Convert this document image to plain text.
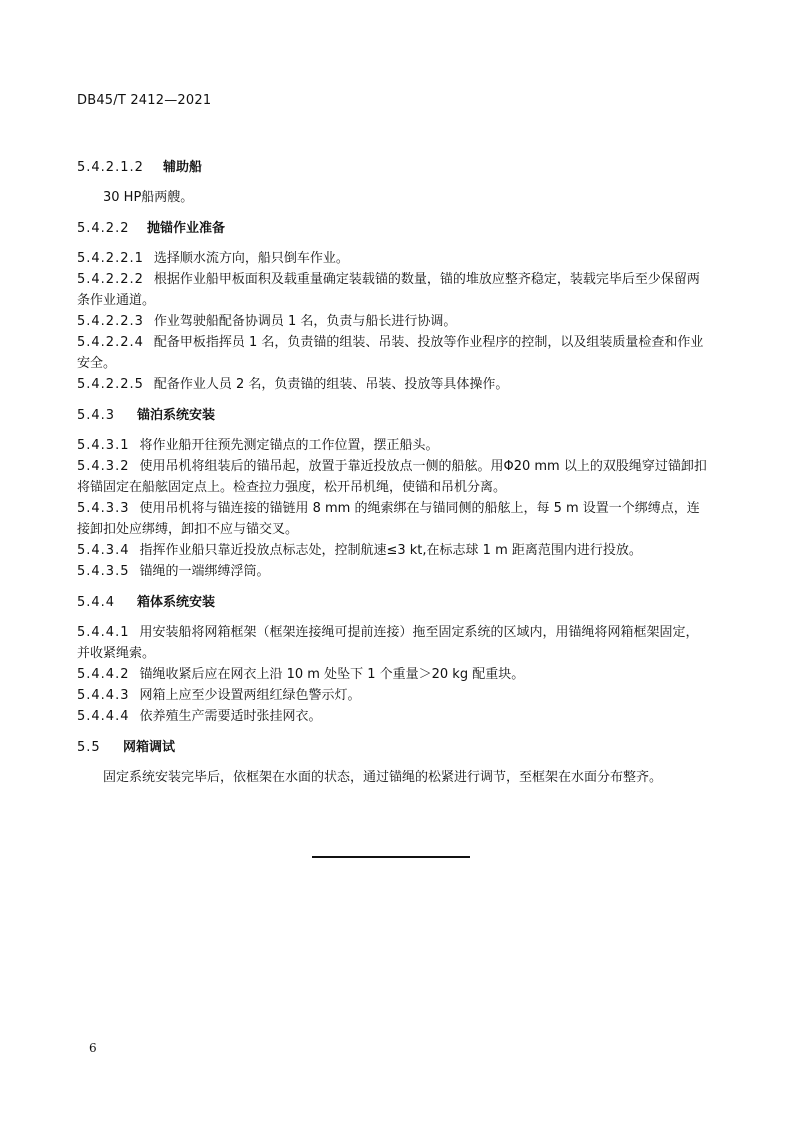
DB45/T 2412—2021
5.4.2.1.2 辅助船
30 HP船两艘。
5.4.2.2 抛锚作业准备
5.4.2.2.1 选择顺水流方向，船只倒车作业。
5.4.2.2.2 根据作业船甲板面积及载重量确定装载锚的数量，锚的堆放应整齐稳定，装载完毕后至少保留两条作业通道。
5.4.2.2.3 作业驾驶船配备协调员 1 名，负责与船长进行协调。
5.4.2.2.4 配备甲板指挥员 1 名，负责锚的组装、吊装、投放等作业程序的控制，以及组装质量检查和作业安全。
5.4.2.2.5 配备作业人员 2 名，负责锚的组装、吊装、投放等具体操作。
5.4.3 锚泊系统安装
5.4.3.1 将作业船开往预先测定锚点的工作位置，摆正船头。
5.4.3.2 使用吊机将组装后的锚吊起，放置于靠近投放点一侧的船舷。用Φ20 mm 以上的双股绳穿过锚卸扣将锚固定在船舷固定点上。检查拉力强度，松开吊机绳，使锚和吊机分离。
5.4.3.3 使用吊机将与锚连接的锚链用 8 mm 的绳索绑在与锚同侧的船舷上，每 5 m 设置一个绑缚点，连接卸扣处应绑缚，卸扣不应与锚交叉。
5.4.3.4 指挥作业船只靠近投放点标志处，控制航速≤3 kt,在标志球 1 m 距离范围内进行投放。
5.4.3.5 锚绳的一端绑缚浮筒。
5.4.4 箱体系统安装
5.4.4.1 用安装船将网箱框架（框架连接绳可提前连接）拖至固定系统的区域内，用锚绳将网箱框架固定，并收紧绳索。
5.4.4.2 锚绳收紧后应在网衣上沿 10 m 处坠下 1 个重量＞20 kg 配重块。
5.4.4.3 网箱上应至少设置两组红绿色警示灯。
5.4.4.4 依养殖生产需要适时张挂网衣。
5.5 网箱调试
固定系统安装完毕后，依框架在水面的状态，通过锚绳的松紧进行调节，至框架在水面分布整齐。
6
